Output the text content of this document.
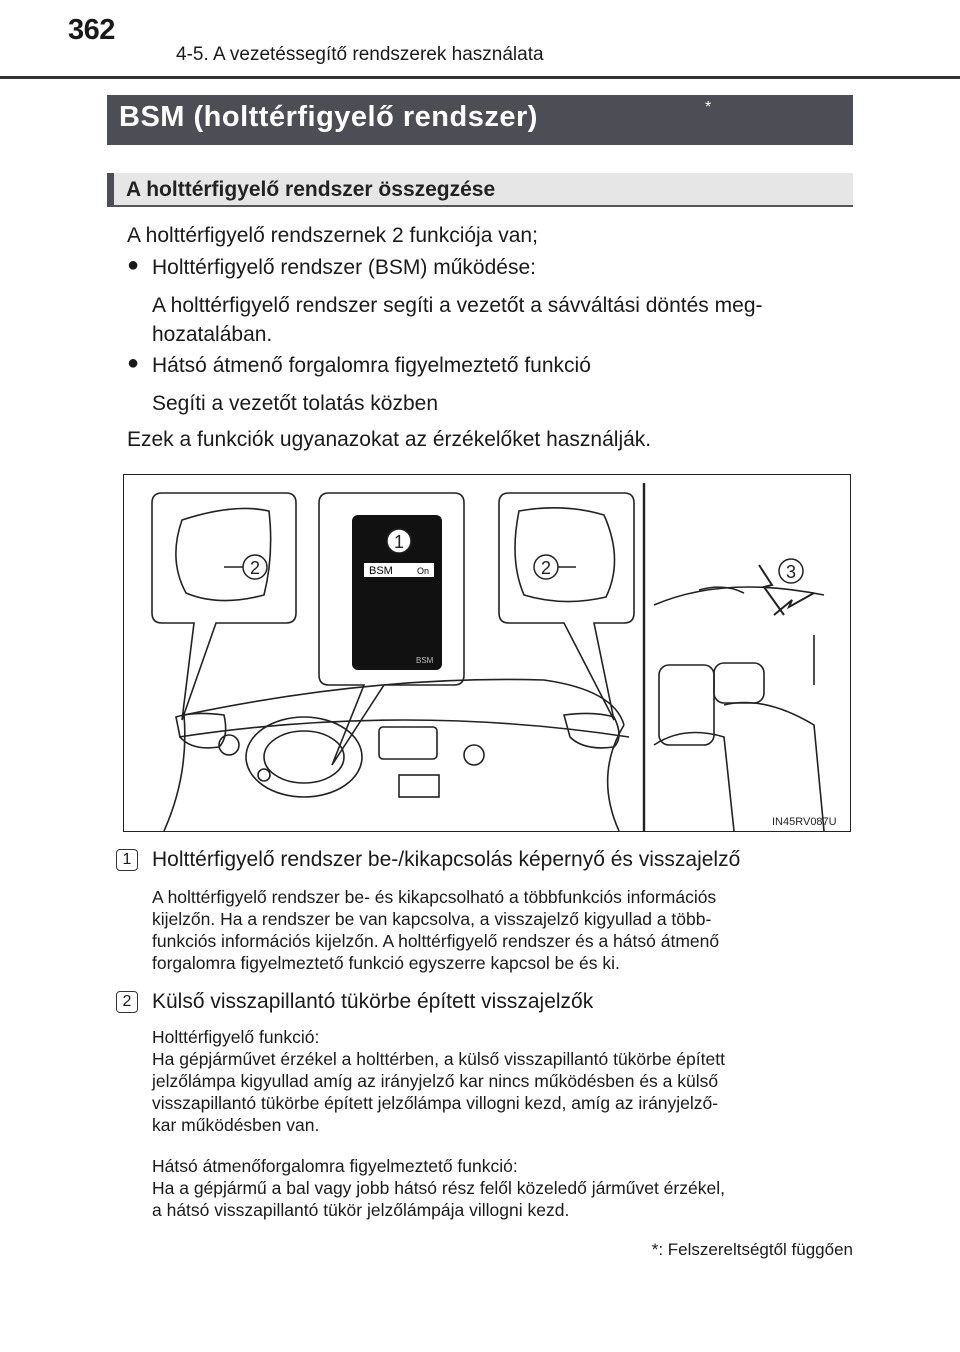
362
4-5. A vezetéssegítő rendszerek használata
BSM (holttérfigyelő rendszer)	*
A holttérfigyelő rendszer összegzése
A holttérfigyelő rendszernek 2 funkciója van;
● Holttérfigyelő rendszer (BSM) működése:
A holttérfigyelő rendszer segíti a vezetőt a sávváltási döntés meg-
hozatalában.
● Hátsó átmenő forgalomra figyelmeztető funkció
Segíti a vezetőt tolatás közben
Ezek a funkciók ugyanazokat az érzékelőket használják.
BSM	On
BSM
1
2	2	3
IN45RV087U
1 Holttérfigyelő rendszer be-/kikapcsolás képernyő és visszajelző
A holttérfigyelő rendszer be- és kikapcsolható a többfunkciós információs
kijelzőn. Ha a rendszer be van kapcsolva, a visszajelző kigyullad a több-
funkciós információs kijelzőn. A holttérfigyelő rendszer és a hátsó átmenő
forgalomra figyelmeztető funkció egyszerre kapcsol be és ki.
2 Külső visszapillantó tükörbe épített visszajelzők
Holttérfigyelő funkció:
Ha gépjárművet érzékel a holttérben, a külső visszapillantó tükörbe épített
jelzőlámpa kigyullad amíg az irányjelző kar nincs működésben és a külső
visszapillantó tükörbe épített jelzőlámpa villogni kezd, amíg az irányjelző-
kar működésben van.
Hátsó átmenőforgalomra figyelmeztető funkció:
Ha a gépjármű a bal vagy jobb hátsó rész felől közeledő járművet érzékel,
a hátsó visszapillantó tükör jelzőlámpája villogni kezd.
*: Felszereltségtől függően
